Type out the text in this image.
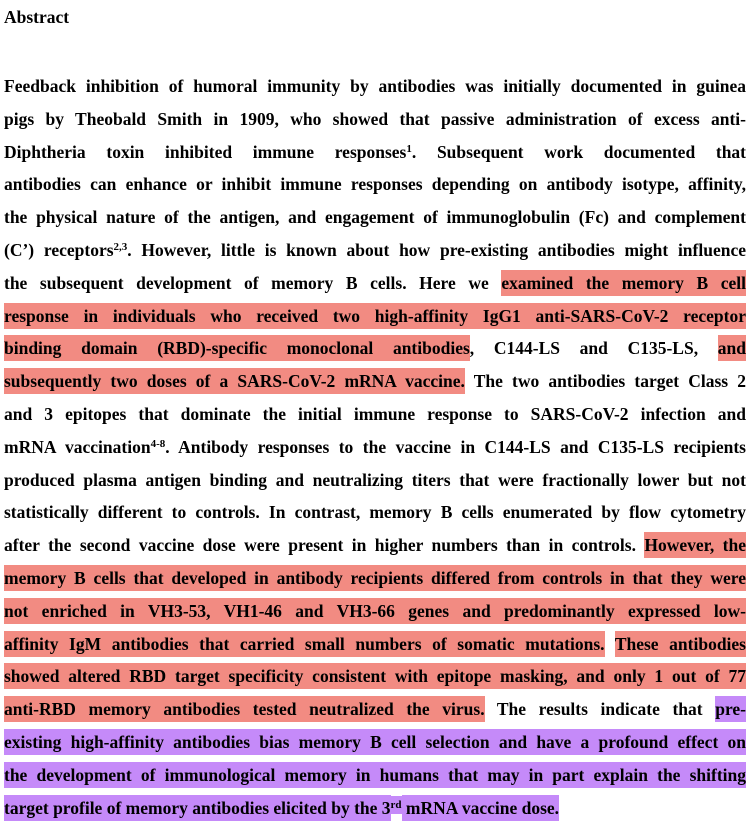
Abstract
Feedback inhibition of humoral immunity by antibodies was initially documented in guinea
pigs by Theobald Smith in 1909, who showed that passive administration of excess anti-
Diphtheria toxin inhibited immune responses$^1$. Subsequent work documented that
antibodies can enhance or inhibit immune responses depending on antibody isotype, affinity,
the physical nature of the antigen, and engagement of immunoglobulin (Fc) and complement
(C’) receptors$^{2,3}$. However, little is known about how pre-existing antibodies might influence
the subsequent development of memory B cells. Here we examined the memory B cell
response in individuals who received two high-affinity IgG1 anti-SARS-CoV-2 receptor
binding domain (RBD)-specific monoclonal antibodies, C144-LS and C135-LS, and
subsequently two doses of a SARS-CoV-2 mRNA vaccine. The two antibodies target Class 2
and 3 epitopes that dominate the initial immune response to SARS-CoV-2 infection and
mRNA vaccination$^{4-8}$. Antibody responses to the vaccine in C144-LS and C135-LS recipients
produced plasma antigen binding and neutralizing titers that were fractionally lower but not
statistically different to controls. In contrast, memory B cells enumerated by flow cytometry
after the second vaccine dose were present in higher numbers than in controls. However, the
memory B cells that developed in antibody recipients differed from controls in that they were
not enriched in VH3-53, VH1-46 and VH3-66 genes and predominantly expressed low-
affinity IgM antibodies that carried small numbers of somatic mutations. These antibodies
showed altered RBD target specificity consistent with epitope masking, and only 1 out of 77
anti-RBD memory antibodies tested neutralized the virus. The results indicate that pre-
existing high-affinity antibodies bias memory B cell selection and have a profound effect on
the development of immunological memory in humans that may in part explain the shifting
target profile of memory antibodies elicited by the 3rd mRNA vaccine dose.
